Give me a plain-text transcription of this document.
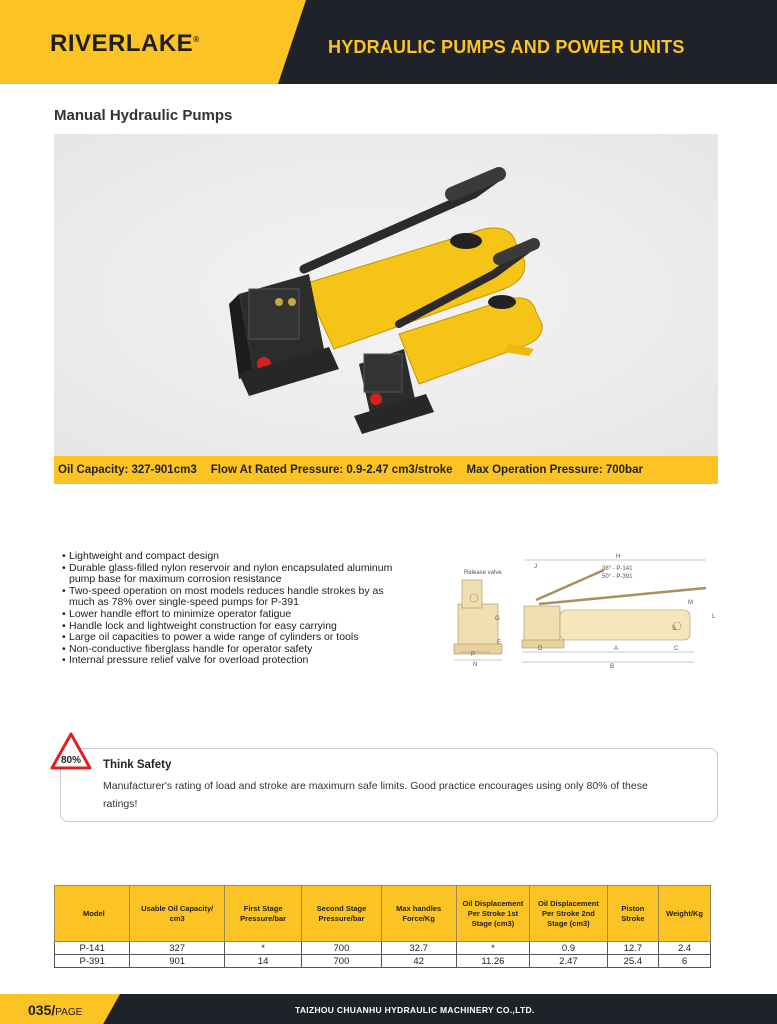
RIVERLAKE®	HYDRAULIC PUMPS AND POWER UNITS
Manual Hydraulic Pumps
Oil Capacity: 327-901cm3 Flow At Rated Pressure: 0.9-2.47 cm3/stroke Max Operation Pressure: 700bar
• Lightweight and compact design
• Durable glass-filled nylon reservoir and nylon encapsulated aluminum
pump base for maximum corrosion resistance
• Two-speed operation on most models reduces handle strokes by as
much as 78% over single-speed pumps for P-391
• Lower handle effort to minimize operator fatigue
• Handle lock and lightweight construction for easy carrying
• Large oil capacities to power a wide range of cylinders or tools
• Non-conductive fiberglass handle for operator safety
• Internal pressure relief valve for overload protection
Release valve
G
E
P
N
H
J	38° - P-141
50° - P-391
M
L
S
C
D	A
B
80% Think Safety
Manufacturer's rating of load and stroke are maximurn safe limits. Good practice encourages using only 80% of these ratings!
Model	Usable Oil Capacity/ cm3	First Stage Pressure/bar	Second Stage Pressure/bar	Max handles Force/Kg	Oil Displacement Per Stroke 1st Stage (cm3)	Oil Displacement Per Stroke 2nd Stage (cm3)	Piston Stroke	Weight/Kg
P-141	327	*	700	32.7	*	0.9	12.7	2.4
P-391	901	14	700	42	11.26	2.47	25.4	6
035/PAGE	TAIZHOU CHUANHU HYDRAULIC MACHINERY CO.,LTD.
